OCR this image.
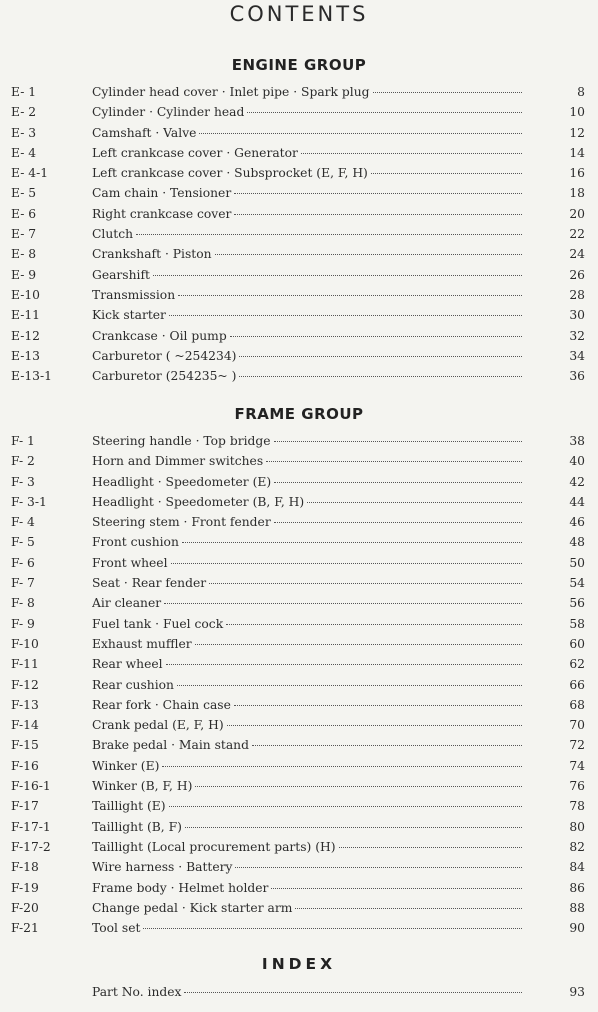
CONTENTS
ENGINE GROUP
E- 1	Cylinder head cover · Inlet pipe · Spark plug	8
E- 2	Cylinder · Cylinder head	10
E- 3	Camshaft · Valve	12
E- 4	Left crankcase cover · Generator	14
E- 4-1	Left crankcase cover · Subsprocket (E, F, H)	16
E- 5	Cam chain · Tensioner	18
E- 6	Right crankcase cover	20
E- 7	Clutch	22
E- 8	Crankshaft · Piston	24
E- 9	Gearshift	26
E-10	Transmission	28
E-11	Kick starter	30
E-12	Crankcase · Oil pump	32
E-13	Carburetor ( ~254234)	34
E-13-1	Carburetor (254235~ )	36
FRAME GROUP
F- 1	Steering handle · Top bridge	38
F- 2	Horn and Dimmer switches	40
F- 3	Headlight · Speedometer (E)	42
F- 3-1	Headlight · Speedometer (B, F, H)	44
F- 4	Steering stem · Front fender	46
F- 5	Front cushion	48
F- 6	Front wheel	50
F- 7	Seat · Rear fender	54
F- 8	Air cleaner	56
F- 9	Fuel tank · Fuel cock	58
F-10	Exhaust muffler	60
F-11	Rear wheel	62
F-12	Rear cushion	66
F-13	Rear fork · Chain case	68
F-14	Crank pedal (E, F, H)	70
F-15	Brake pedal · Main stand	72
F-16	Winker (E)	74
F-16-1	Winker (B, F, H)	76
F-17	Taillight (E)	78
F-17-1	Taillight (B, F)	80
F-17-2	Taillight (Local procurement parts) (H)	82
F-18	Wire harness · Battery	84
F-19	Frame body · Helmet holder	86
F-20	Change pedal · Kick starter arm	88
F-21	Tool set	90
INDEX
Part No. index	93
